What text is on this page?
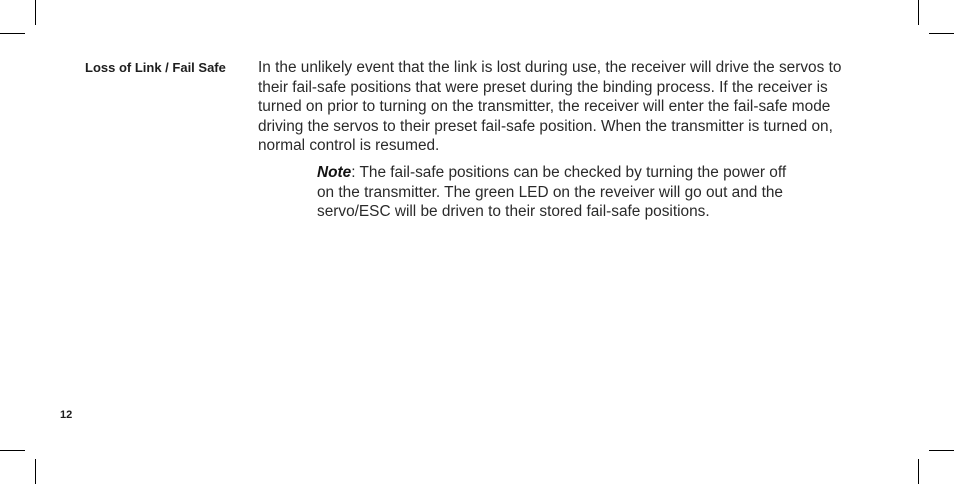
Loss of Link / Fail Safe	In the unlikely event that the link is lost during use, the receiver will drive the servos to their fail-safe positions that were preset during the binding process. If the receiver is turned on prior to turning on the transmitter, the receiver will enter the fail-safe mode driving the servos to their preset fail-safe position. When the transmitter is turned on, normal control is resumed.

Note: The fail-safe positions can be checked by turning the power off on the transmitter. The green LED on the reveiver will go out and the servo/ESC will be driven to their stored fail-safe positions.

12
